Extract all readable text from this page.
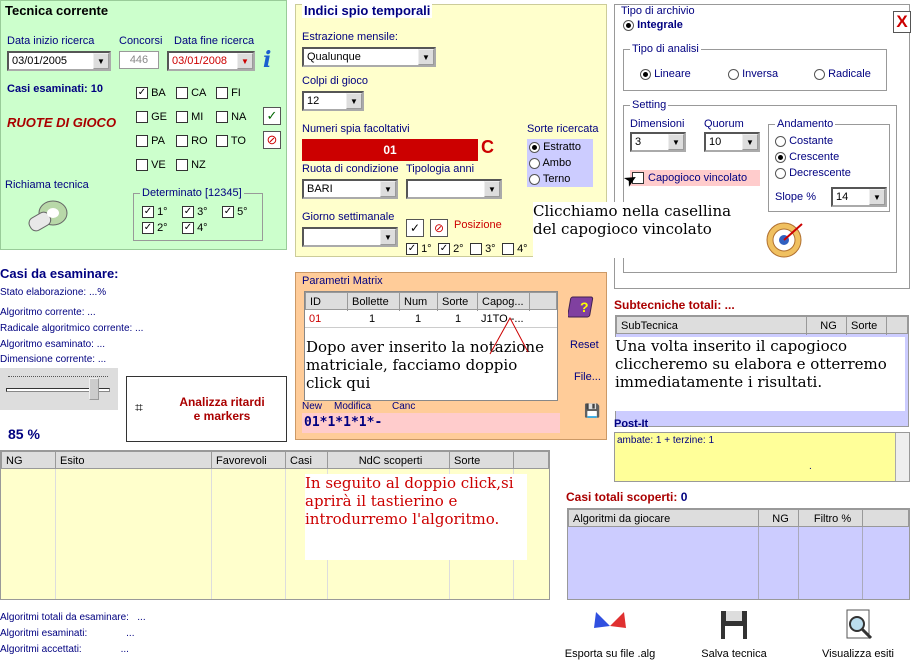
Tecnica corrente
Data inizio ricerca
03/01/2005	▼
Concorsi
446
Data fine ricerca
03/01/2008	▼ i
Casi esaminati: 10
RUOTE DI GIOCO
✓ BA	CA	FI
GE	MI	NA
PA	RO	TO
VE	NZ
✓
⊘
Richiama tecnica
Determinato [12345]
✓ 1° ✓ 3° ✓ 5°
✓ 2° ✓ 4°
Indici spio temporali
Estrazione mensile:
Qualunque	▼
Colpi di gioco
12	▼
Numeri spia facoltativi
01	C
Sorte ricercata
Estratto
Ambo
Terno
Ruota di condizione
BARI	▼
Tipologia anni
▼
Giorno settimanale
▼
✓	⊘ Posizione
✓ 1° ✓ 2°	3°	4°
Tipo di archivio
Integrale	X
Tipo di analisi
Lineare	Inversa	Radicale
Setting
Dimensioni
3	▼
Quorum
10	▼
Andamento
Costante
Crescente
Decrescente
Slope %	14	▼
Capogioco vincolato
➤
Casi da esaminare:
Stato elaborazione: ...%
Algoritmo corrente: ...
Radicale algoritmico corrente: ...
Algoritmo esaminato: ...
Dimensione corrente: ...
85 %
⌗	Analizza ritardi
e markers
Parametri Matrix
ID	Bollette	Num	Sorte	Capog...
01	1	1	1 J1TO -...
?
Reset
File...
💾
New Modifica Canc
01*1*1*1*-
Subtecniche totali: ...
SubTecnica	NG	Sorte
Post-It
ambate: 1 + terzine: 1
.
NG	Esito	Favorevoli	Casi	NdC scoperti	Sorte
Casi totali scoperti: 0
Algoritmi da giocare	NG	Filtro %
Algoritmi totali da esaminare:   ...
Algoritmi esaminati:              ...
Algoritmi accettati:              ...	Esporta su file .alg	Salva tecnica	Visualizza esiti
Clicchiamo nella casellina del capogioco vincolato
Dopo aver inserito la notazione matriciale, facciamo doppio click qui
Una volta inserito il capogioco cliccheremo su elabora e otterremo immediatamente i risultati.
In seguito al doppio click,si aprirà il tastierino e introdurremo l'algoritmo.
